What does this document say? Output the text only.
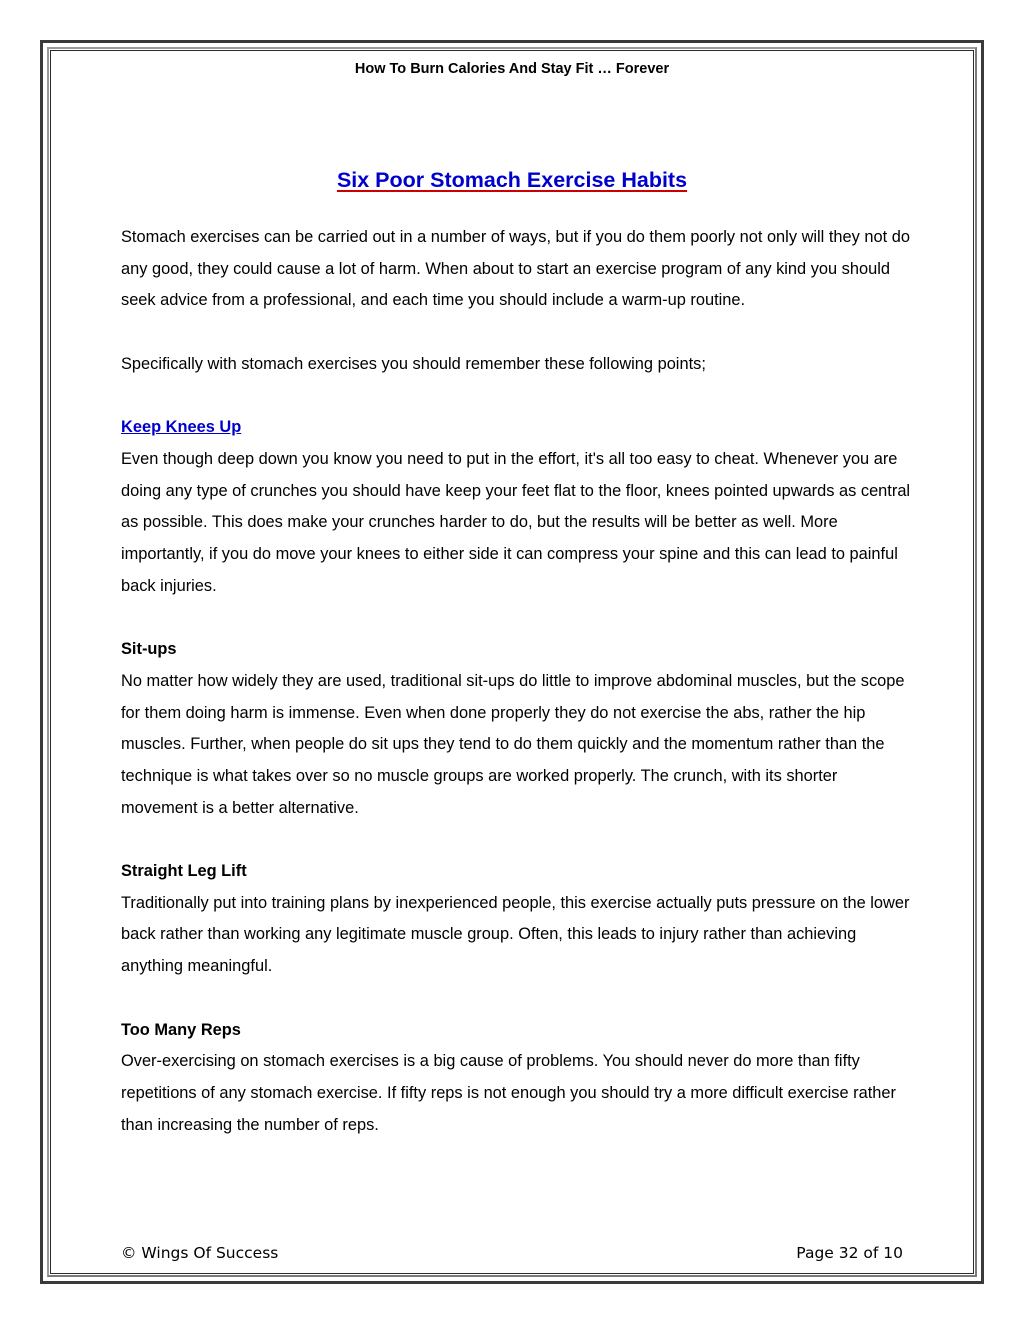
How To Burn Calories And Stay Fit … Forever
Six Poor Stomach Exercise Habits

Stomach exercises can be carried out in a number of ways, but if you do them poorly not only will they not do any good, they could cause a lot of harm. When about to start an exercise program of any kind you should seek advice from a professional, and each time you should include a warm-up routine.

Specifically with stomach exercises you should remember these following points;

Keep Knees Up
Even though deep down you know you need to put in the effort, it's all too easy to cheat. Whenever you are doing any type of crunches you should have keep your feet flat to the floor, knees pointed upwards as central as possible. This does make your crunches harder to do, but the results will be better as well. More importantly, if you do move your knees to either side it can compress your spine and this can lead to painful back injuries.
Sit-ups
No matter how widely they are used, traditional sit-ups do little to improve abdominal muscles, but the scope for them doing harm is immense. Even when done properly they do not exercise the abs, rather the hip muscles. Further, when people do sit ups they tend to do them quickly and the momentum rather than the technique is what takes over so no muscle groups are worked properly. The crunch, with its shorter movement is a better alternative.
Straight Leg Lift
Traditionally put into training plans by inexperienced people, this exercise actually puts pressure on the lower back rather than working any legitimate muscle group. Often, this leads to injury rather than achieving anything meaningful.
Too Many Reps
Over-exercising on stomach exercises is a big cause of problems. You should never do more than fifty repetitions of any stomach exercise. If fifty reps is not enough you should try a more difficult exercise rather than increasing the number of reps.
© Wings Of Success	Page 32 of 10
